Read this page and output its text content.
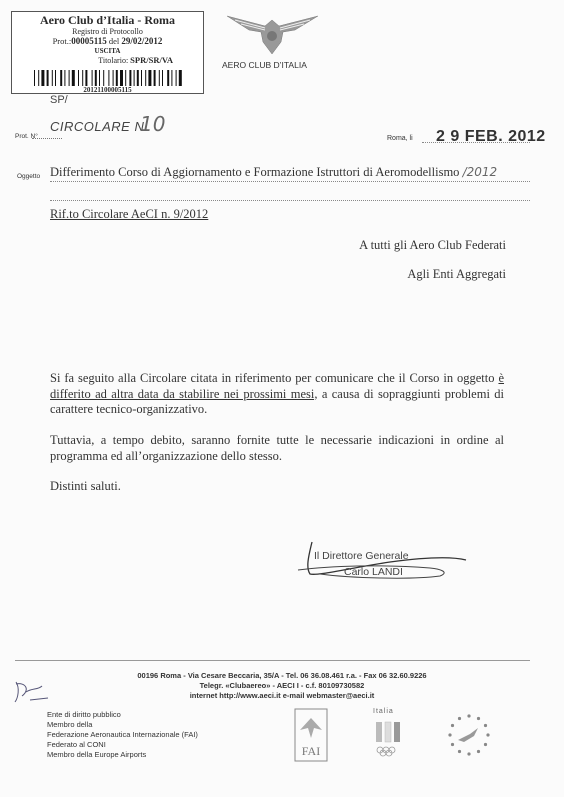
Aero Club d’Italia - Roma
Registro di Protocollo
Prot.:00005115 del 29/02/2012
USCITA
Titolario: SPR/SR/VA
20121100005115
AERO CLUB D’ITALIA
SP/
Prot. N°
CIRCOLARE N.
10
Roma, li 2 9 FEB. 2012
Oggetto Differimento Corso di Aggiornamento e Formazione Istruttori di Aeromodellismo /2012
Rif.to Circolare AeCI n. 9/2012
A tutti gli Aero Club Federati
Agli Enti Aggregati
Si fa seguito alla Circolare citata in riferimento per comunicare che il Corso in oggetto è differito ad altra data da stabilire nei prossimi mesi, a causa di sopraggiunti problemi di carattere tecnico-organizzativo.
Tuttavia, a tempo debito, saranno fornite tutte le necessarie indicazioni in ordine al programma ed all’organizzazione dello stesso.
Distinti saluti.
Il Direttore Generale
Carlo LANDI
00196 Roma - Via Cesare Beccaria, 35/A - Tel. 06 36.08.461 r.a. - Fax 06 32.60.9226
Telegr. «Clubaereo» - AECI I - c.f. 80109730582
internet http://www.aeci.it e-mail webmaster@aeci.it
Ente di diritto pubblico
Membro della
Federazione Aeronautica Internazionale (FAI)
Federato al CONI
Membro della Europe Airports	FAI
Italia
